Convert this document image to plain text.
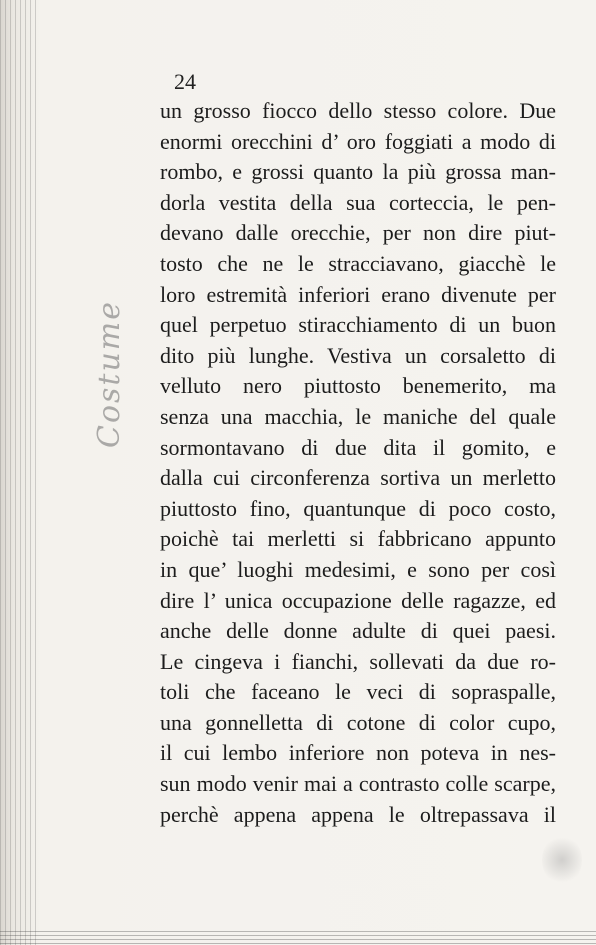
24
Costume
un grosso fiocco dello stesso colore. Due
enormi orecchini d’ oro foggiati a modo di
rombo, e grossi quanto la più grossa man-
dorla vestita della sua corteccia, le pen-
devano dalle orecchie, per non dire piut-
tosto che ne le stracciavano, giacchè le
loro estremità inferiori erano divenute per
quel perpetuo stiracchiamento di un buon
dito più lunghe. Vestiva un corsaletto di
velluto nero piuttosto benemerito, ma
senza una macchia, le maniche del quale
sormontavano di due dita il gomito, e
dalla cui circonferenza sortiva un merletto
piuttosto fino, quantunque di poco costo,
poichè tai merletti si fabbricano appunto
in que’ luoghi medesimi, e sono per così
dire l’ unica occupazione delle ragazze, ed
anche delle donne adulte di quei paesi.
Le cingeva i fianchi, sollevati da due ro-
toli che faceano le veci di sopraspalle,
una gonnelletta di cotone di color cupo,
il cui lembo inferiore non poteva in nes-
sun modo venir mai a contrasto colle scarpe,
perchè appena appena le oltrepassava il
